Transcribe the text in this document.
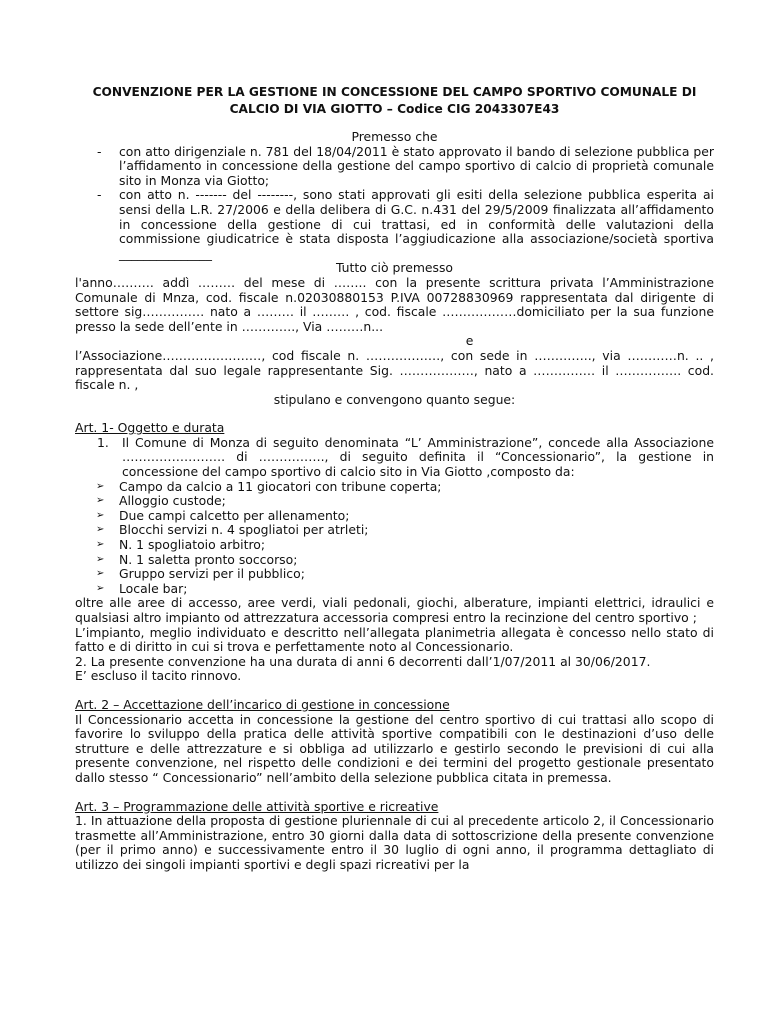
CONVENZIONE PER LA GESTIONE IN CONCESSIONE DEL CAMPO SPORTIVO COMUNALE DI
CALCIO DI VIA GIOTTO – Codice CIG 2043307E43
Premesso che
- con atto dirigenziale n. 781 del 18/04/2011 è stato approvato il bando di selezione pubblica per l’affidamento in concessione della gestione del campo sportivo di calcio di proprietà comunale sito in Monza via Giotto;
- con atto n. ------- del --------, sono stati approvati gli esiti della selezione pubblica esperita ai sensi della L.R. 27/2006 e della delibera di G.C. n.431 del 29/5/2009 finalizzata all’affidamento in concessione della gestione di cui trattasi, ed in conformità delle valutazioni della commissione giudicatrice è stata disposta l’aggiudicazione alla associazione/società sportiva _______________
Tutto ciò premesso
l'anno………. addì ……… del mese di …….. con la presente scrittura privata l’Amministrazione Comunale di Mnza, cod. fiscale n.02030880153 P.IVA 00728830969 rappresentata dal dirigente di settore sig…………… nato a ……… il ……… , cod. fiscale ………………domiciliato per la sua funzione presso la sede dell’ente in …………., Via ………n...
e
l’Associazione……………………, cod fiscale n. ………………, con sede in ………….., via …………n. .. , rappresentata dal suo legale rappresentante Sig. ………………, nato a …………… il ……………. cod. fiscale n. ,
stipulano e convengono quanto segue:
Art. 1- Oggetto e durata
1. Il Comune di Monza di seguito denominata “L’ Amministrazione”, concede alla Associazione ……………………. di ……………., di seguito definita il “Concessionario”, la gestione in concessione del campo sportivo di calcio sito in Via Giotto ,composto da:
➢ Campo da calcio a 11 giocatori con tribune coperta;
➢ Alloggio custode;
➢ Due campi calcetto per allenamento;
➢ Blocchi servizi n. 4 spogliatoi per atrleti;
➢ N. 1 spogliatoio arbitro;
➢ N. 1 saletta pronto soccorso;
➢ Gruppo servizi per il pubblico;
➢ Locale bar;
oltre alle aree di accesso, aree verdi, viali pedonali, giochi, alberature, impianti elettrici, idraulici e qualsiasi altro impianto od attrezzatura accessoria compresi entro la recinzione del centro sportivo ;
L’impianto, meglio individuato e descritto nell’allegata planimetria allegata è concesso nello stato di fatto e di diritto in cui si trova e perfettamente noto al Concessionario.
2. La presente convenzione ha una durata di anni 6 decorrenti dall’1/07/2011 al 30/06/2017.
E’ escluso il tacito rinnovo.
Art. 2 – Accettazione dell’incarico di gestione in concessione
Il Concessionario accetta in concessione la gestione del centro sportivo di cui trattasi allo scopo di favorire lo sviluppo della pratica delle attività sportive compatibili con le destinazioni d’uso delle strutture e delle attrezzature e si obbliga ad utilizzarlo e gestirlo secondo le previsioni di cui alla presente convenzione, nel rispetto delle condizioni e dei termini del progetto gestionale presentato dallo stesso “ Concessionario” nell’ambito della selezione pubblica citata in premessa.
Art. 3 – Programmazione delle attività sportive e ricreative
1. In attuazione della proposta di gestione pluriennale di cui al precedente articolo 2, il Concessionario trasmette all’Amministrazione, entro 30 giorni dalla data di sottoscrizione della presente convenzione (per il primo anno) e successivamente entro il 30 luglio di ogni anno, il programma dettagliato di utilizzo dei singoli impianti sportivi e degli spazi ricreativi per la
